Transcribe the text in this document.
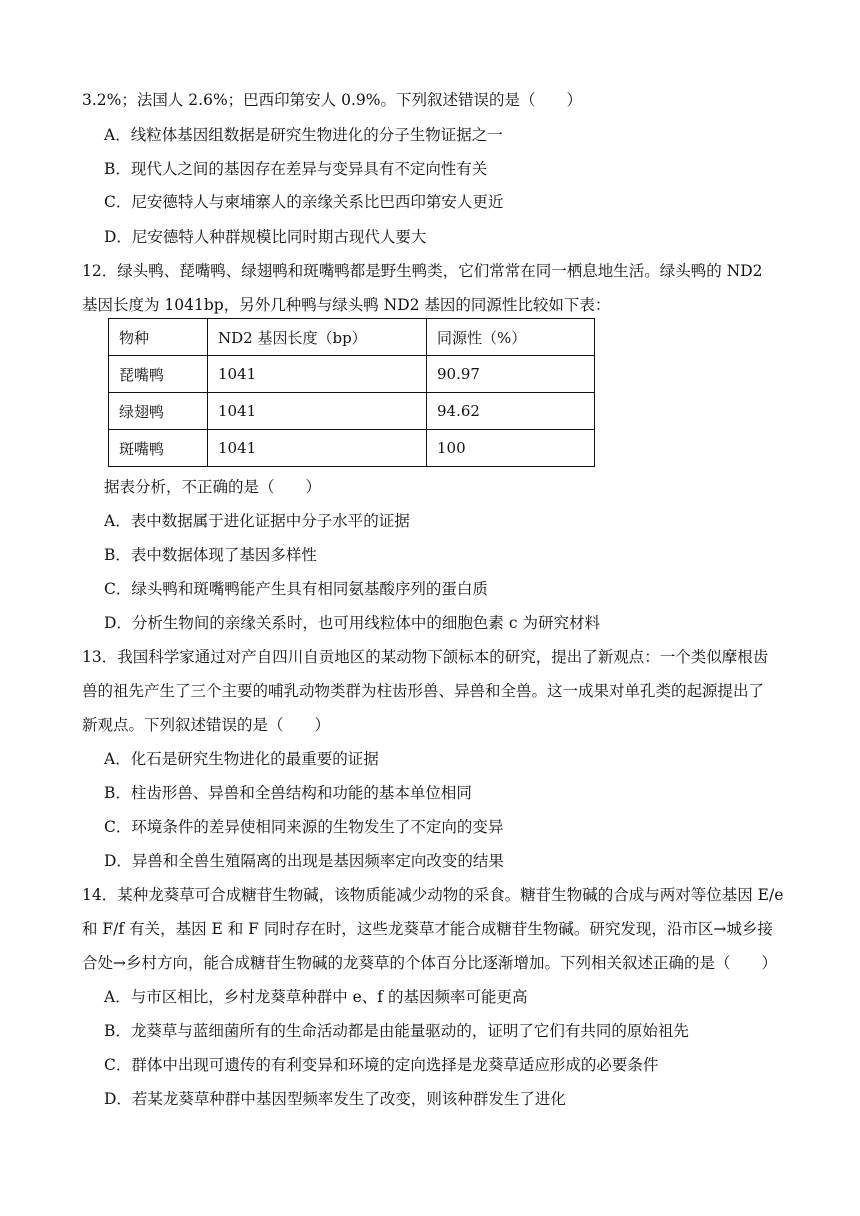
3.2%；法国人 2.6%；巴西印第安人 0.9%。下列叙述错误的是（　　）
A．线粒体基因组数据是研究生物进化的分子生物证据之一
B．现代人之间的基因存在差异与变异具有不定向性有关
C．尼安德特人与柬埔寨人的亲缘关系比巴西印第安人更近
D．尼安德特人种群规模比同时期古现代人要大
12．绿头鸭、琵嘴鸭、绿翅鸭和斑嘴鸭都是野生鸭类，它们常常在同一栖息地生活。绿头鸭的 ND2
基因长度为 1041bp，另外几种鸭与绿头鸭 ND2 基因的同源性比较如下表：
物种	ND2 基因长度（bp）	同源性（%）
琵嘴鸭	1041	90.97
绿翅鸭	1041	94.62
斑嘴鸭	1041	100
据表分析，不正确的是（　　）
A．表中数据属于进化证据中分子水平的证据
B．表中数据体现了基因多样性
C．绿头鸭和斑嘴鸭能产生具有相同氨基酸序列的蛋白质
D．分析生物间的亲缘关系时，也可用线粒体中的细胞色素 c 为研究材料
13．我国科学家通过对产自四川自贡地区的某动物下颌标本的研究，提出了新观点：一个类似摩根齿
兽的祖先产生了三个主要的哺乳动物类群为柱齿形兽、异兽和全兽。这一成果对单孔类的起源提出了
新观点。下列叙述错误的是（　　）
A．化石是研究生物进化的最重要的证据
B．柱齿形兽、异兽和全兽结构和功能的基本单位相同
C．环境条件的差异使相同来源的生物发生了不定向的变异
D．异兽和全兽生殖隔离的出现是基因频率定向改变的结果
14．某种龙葵草可合成糖苷生物碱，该物质能减少动物的采食。糖苷生物碱的合成与两对等位基因 E/e
和 F/f 有关，基因 E 和 F 同时存在时，这些龙葵草才能合成糖苷生物碱。研究发现，沿市区→城乡接
合处→乡村方向，能合成糖苷生物碱的龙葵草的个体百分比逐渐增加。下列相关叙述正确的是（　　）
A．与市区相比，乡村龙葵草种群中 e、f 的基因频率可能更高
B．龙葵草与蓝细菌所有的生命活动都是由能量驱动的，证明了它们有共同的原始祖先
C．群体中出现可遗传的有利变异和环境的定向选择是龙葵草适应形成的必要条件
D．若某龙葵草种群中基因型频率发生了改变，则该种群发生了进化
